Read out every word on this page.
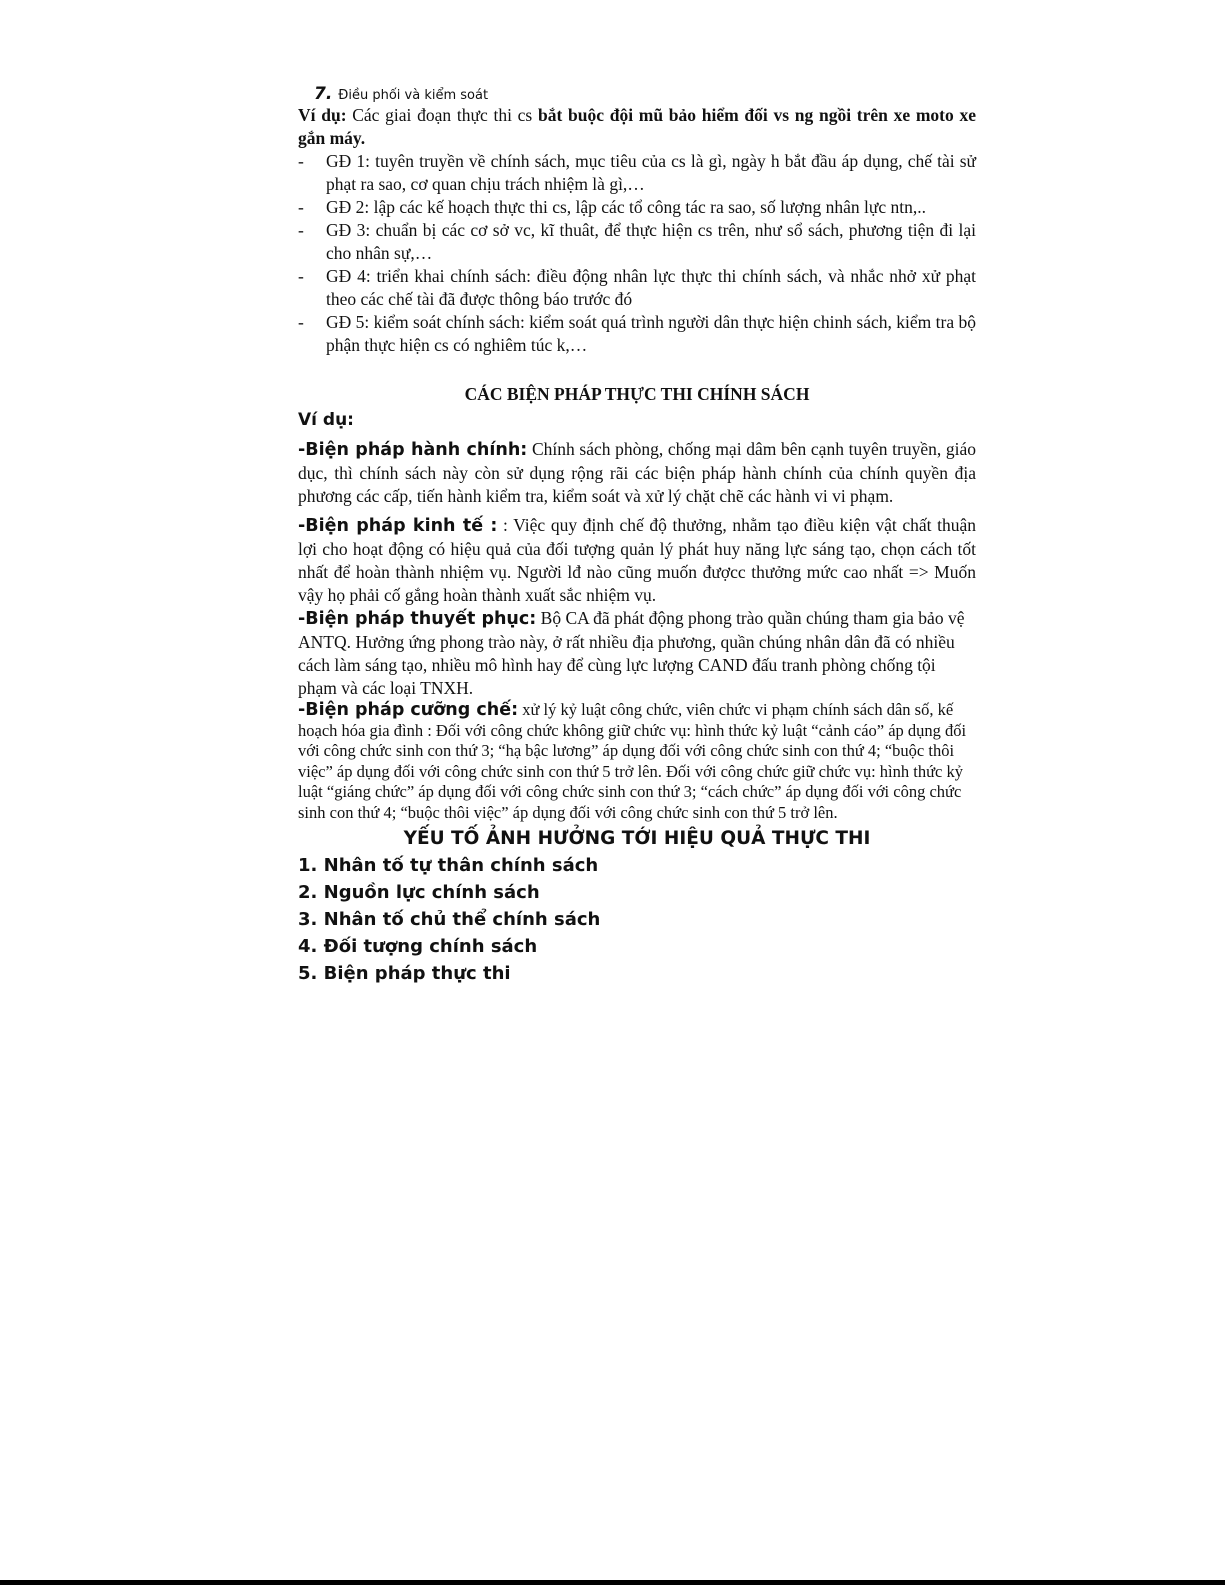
7. Điều phối và kiểm soát
Ví dụ: Các giai đoạn thực thi cs bắt buộc đội mũ bảo hiểm đối vs ng ngồi trên xe moto xe gắn máy.
- GĐ 1: tuyên truyền về chính sách, mục tiêu của cs là gì, ngày h bắt đầu áp dụng, chế tài sử phạt ra sao, cơ quan chịu trách nhiệm là gì,…
- GĐ 2: lập các kế hoạch thực thi cs, lập các tổ công tác ra sao, số lượng nhân lực ntn,..
- GĐ 3: chuẩn bị các cơ sở vc, kĩ thuât, để thực hiện cs trên, như sổ sách, phương tiện đi lại cho nhân sự,…
- GĐ 4: triển khai chính sách: điều động nhân lực thực thi chính sách, và nhắc nhở xử phạt theo các chế tài đã được thông báo trước đó
- GĐ 5: kiểm soát chính sách: kiểm soát quá trình người dân thực hiện chinh sách, kiểm tra bộ phận thực hiện cs có nghiêm túc k,…
CÁC BIỆN PHÁP THỰC THI CHÍNH SÁCH
Ví dụ:
-Biện pháp hành chính: Chính sách phòng, chống mại dâm bên cạnh tuyên truyền, giáo dục, thì chính sách này còn sử dụng rộng rãi các biện pháp hành chính của chính quyền địa phương các cấp, tiến hành kiểm tra, kiểm soát và xử lý chặt chẽ các hành vi vi phạm.
-Biện pháp kinh tế : : Việc quy định chế độ thưởng, nhằm tạo điều kiện vật chất thuận lợi cho hoạt động có hiệu quả của đối tượng quản lý phát huy năng lực sáng tạo, chọn cách tốt nhất để hoàn thành nhiệm vụ. Người lđ nào cũng muốn đượcc thưởng mức cao nhất => Muốn vậy họ phải cố gắng hoàn thành xuất sắc nhiệm vụ.
-Biện pháp thuyết phục: Bộ CA đã phát động phong trào quần chúng tham gia bảo vệ ANTQ. Hưởng ứng phong trào này, ở rất nhiều địa phương, quần chúng nhân dân đã có nhiều cách làm sáng tạo, nhiều mô hình hay để cùng lực lượng CAND đấu tranh phòng chống tội phạm và các loại TNXH.
-Biện pháp cưỡng chế: xử lý kỷ luật công chức, viên chức vi phạm chính sách dân số, kế hoạch hóa gia đình : Đối với công chức không giữ chức vụ: hình thức kỷ luật “cảnh cáo” áp dụng đối với công chức sinh con thứ 3; “hạ bậc lương” áp dụng đối với công chức sinh con thứ 4; “buộc thôi việc” áp dụng đối với công chức sinh con thứ 5 trở lên. Đối với công chức giữ chức vụ: hình thức kỷ luật “giáng chức” áp dụng đối với công chức sinh con thứ 3; “cách chức” áp dụng đối với công chức sinh con thứ 4; “buộc thôi việc” áp dụng đối với công chức sinh con thứ 5 trở lên.
YẾU TỐ ẢNH HƯỞNG TỚI HIỆU QUẢ THỰC THI
1. Nhân tố tự thân chính sách
2. Nguồn lực chính sách
3. Nhân tố chủ thể chính sách
4. Đối tượng chính sách
5. Biện pháp thực thi
